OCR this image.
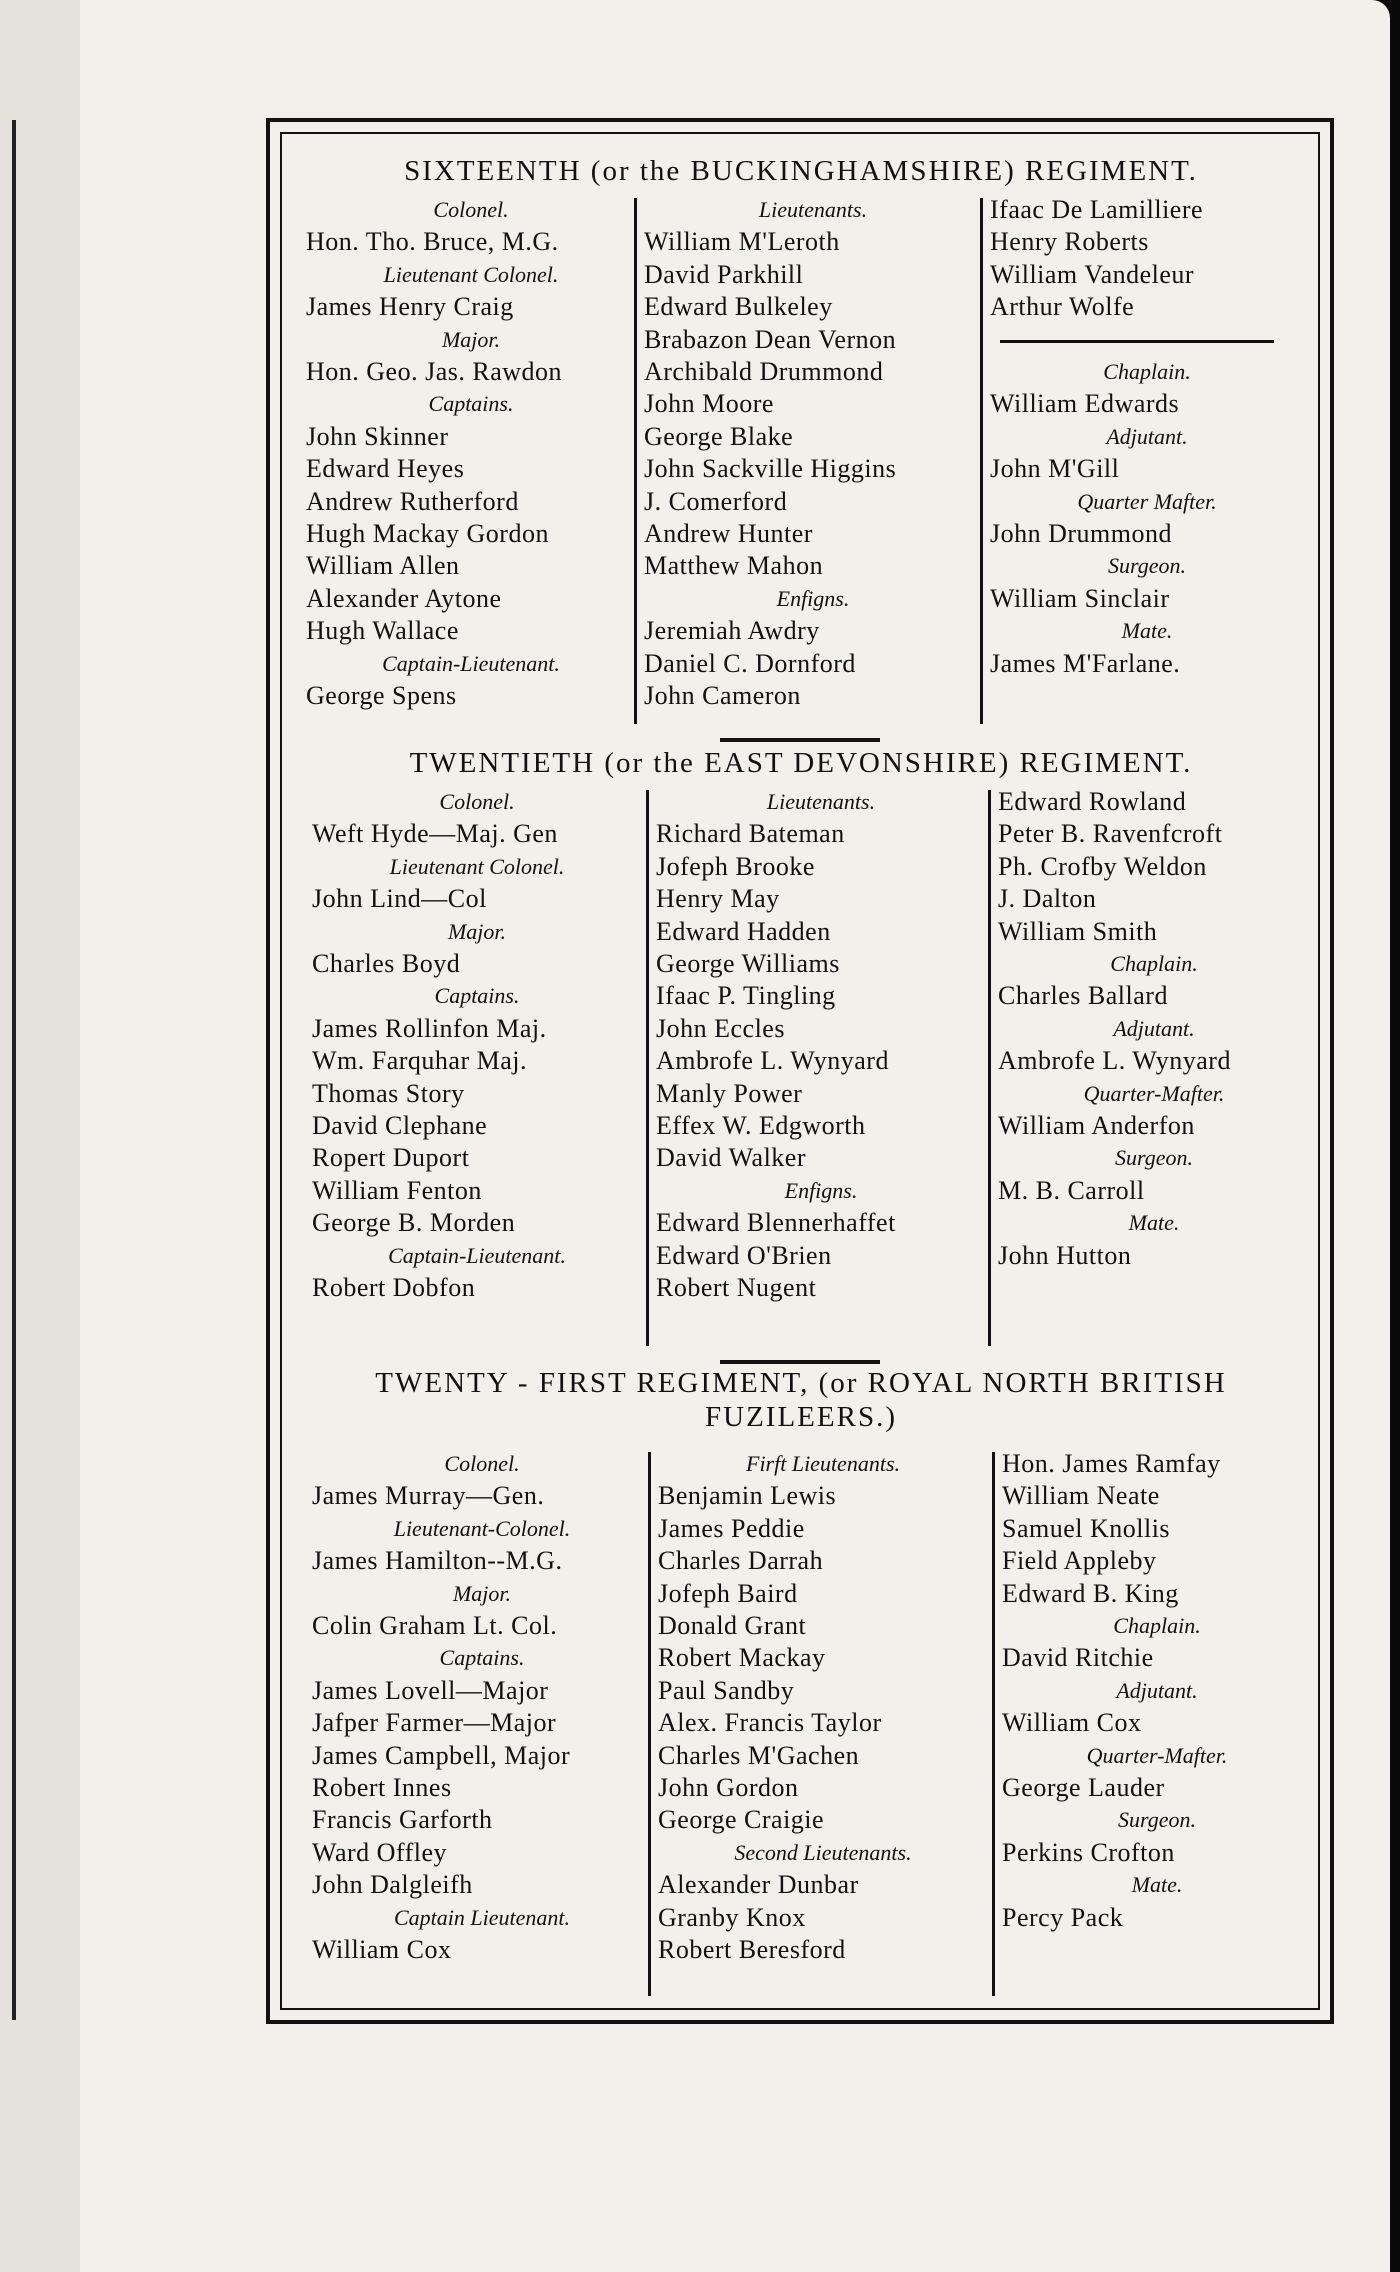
SIXTEENTH (or the BUCKINGHAMSHIRE) REGIMENT.
Colonel.
Hon. Tho. Bruce, M.G.
Lieutenant Colonel.
James Henry Craig
Major.
Hon. Geo. Jas. Rawdon
Captains.
John Skinner
Edward Heyes
Andrew Rutherford
Hugh Mackay Gordon
William Allen
Alexander Aytone
Hugh Wallace
Captain-Lieutenant.
George Spens
Lieutenants.
William M'Leroth
David Parkhill
Edward Bulkeley
Brabazon Dean Vernon
Archibald Drummond
John Moore
George Blake
John Sackville Higgins
J. Comerford
Andrew Hunter
Matthew Mahon
Enfigns.
Jeremiah Awdry
Daniel C. Dornford
John Cameron
Ifaac De Lamilliere
Henry Roberts
William Vandeleur
Arthur Wolfe
Chaplain.
William Edwards
Adjutant.
John M'Gill
Quarter Mafter.
John Drummond
Surgeon.
William Sinclair
Mate.
James M'Farlane.
TWENTIETH (or the EAST DEVONSHIRE) REGIMENT.
Colonel.
Weft Hyde—Maj. Gen
Lieutenant Colonel.
John Lind—Col
Major.
Charles Boyd
Captains.
James Rollinfon Maj.
Wm. Farquhar Maj.
Thomas Story
David Clephane
Ropert Duport
William Fenton
George B. Morden
Captain-Lieutenant.
Robert Dobfon
Lieutenants.
Richard Bateman
Jofeph Brooke
Henry May
Edward Hadden
George Williams
Ifaac P. Tingling
John Eccles
Ambrofe L. Wynyard
Manly Power
Effex W. Edgworth
David Walker
Enfigns.
Edward Blennerhaffet
Edward O'Brien
Robert Nugent
Edward Rowland
Peter B. Ravenfcroft
Ph. Crofby Weldon
J. Dalton
William Smith
Chaplain.
Charles Ballard
Adjutant.
Ambrofe L. Wynyard
Quarter-Mafter.
William Anderfon
Surgeon.
M. B. Carroll
Mate.
John Hutton
TWENTY - FIRST REGIMENT, (or ROYAL NORTH BRITISH FUZILEERS.)
Colonel.
James Murray—Gen.
Lieutenant-Colonel.
James Hamilton--M.G.
Major.
Colin Graham Lt. Col.
Captains.
James Lovell—Major
Jafper Farmer—Major
James Campbell, Major
Robert Innes
Francis Garforth
Ward Offley
John Dalgleifh
Captain Lieutenant.
William Cox
Firft Lieutenants.
Benjamin Lewis
James Peddie
Charles Darrah
Jofeph Baird
Donald Grant
Robert Mackay
Paul Sandby
Alex. Francis Taylor
Charles M'Gachen
John Gordon
George Craigie
Second Lieutenants.
Alexander Dunbar
Granby Knox
Robert Beresford
Hon. James Ramfay
William Neate
Samuel Knollis
Field Appleby
Edward B. King
Chaplain.
David Ritchie
Adjutant.
William Cox
Quarter-Mafter.
George Lauder
Surgeon.
Perkins Crofton
Mate.
Percy Pack
